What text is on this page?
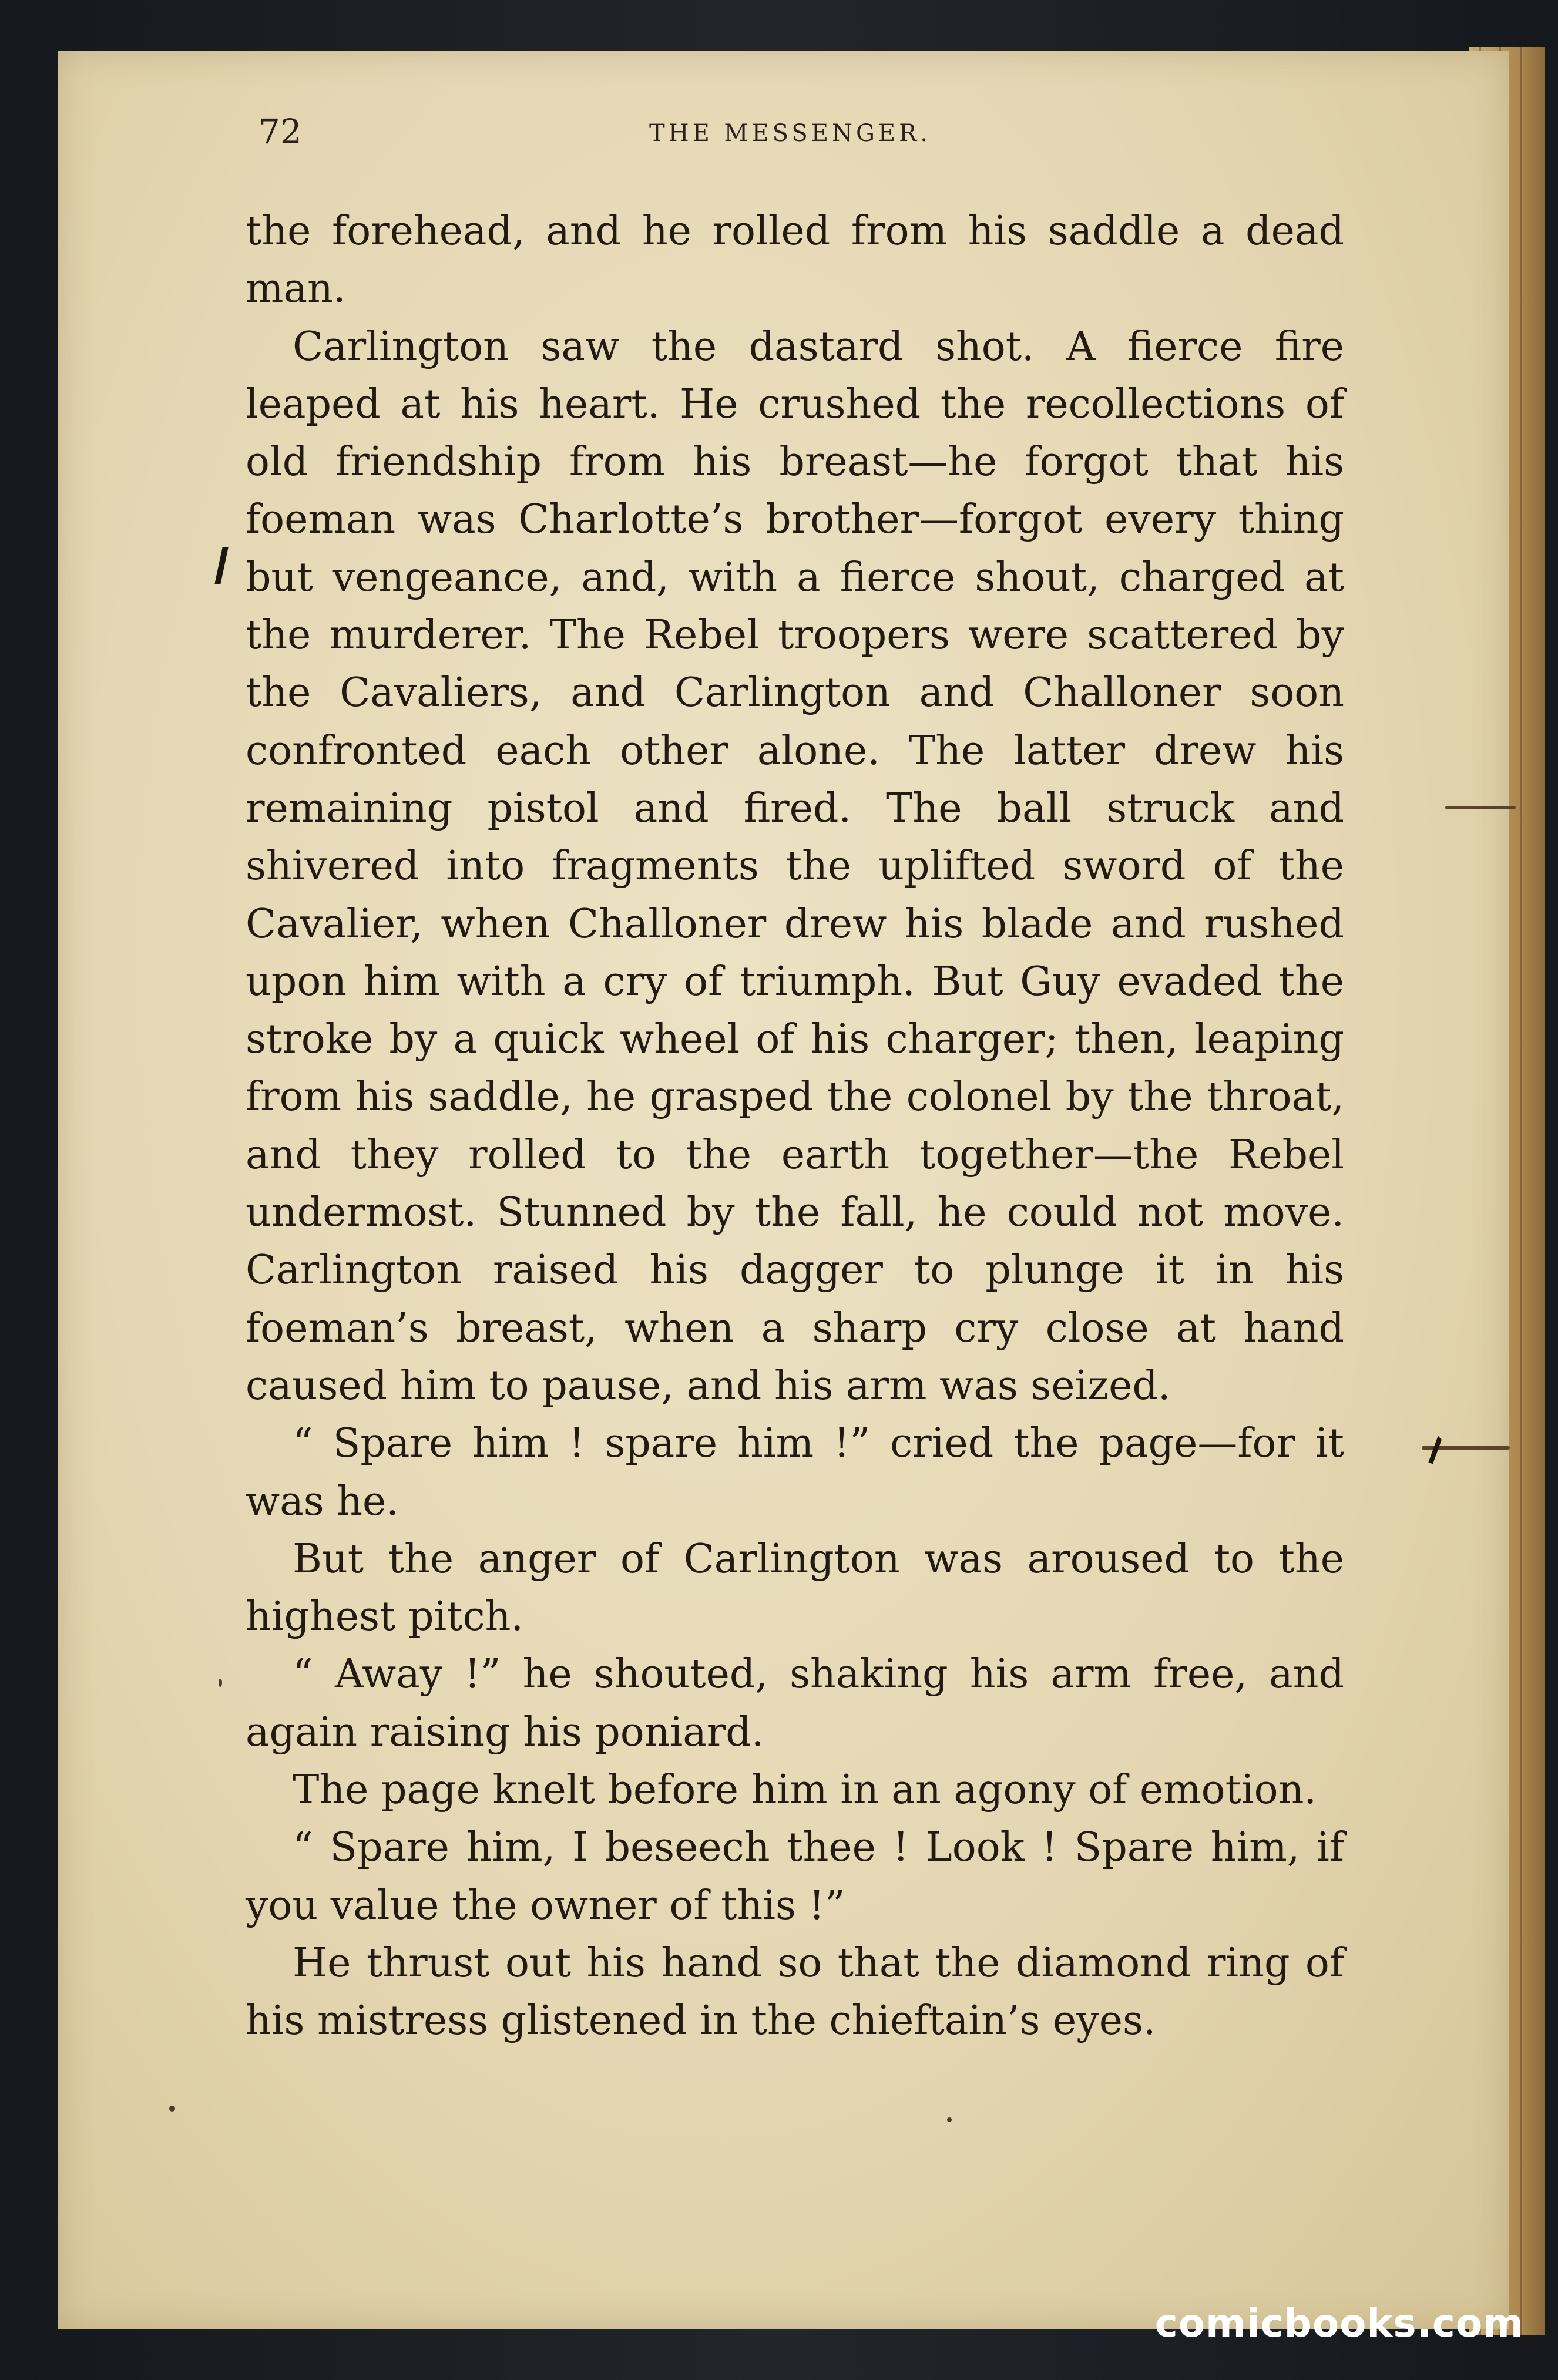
72	THE MESSENGER.

the forehead, and he rolled from his saddle a dead man.

Carlington saw the dastard shot. A fierce fire leaped at his heart. He crushed the recollections of old friendship from his breast—he forgot that his foeman was Charlotte’s brother—forgot every thing but vengeance, and, with a fierce shout, charged at the murderer. The Rebel troopers were scattered by the Cavaliers, and Carlington and Challoner soon confronted each other alone. The latter drew his remaining pistol and fired. The ball struck and shivered into fragments the uplifted sword of the Cavalier, when Challoner drew his blade and rushed upon him with a cry of triumph. But Guy evaded the stroke by a quick wheel of his charger; then, leaping from his saddle, he grasped the colonel by the throat, and they rolled to the earth together—the Rebel undermost. Stunned by the fall, he could not move. Carlington raised his dagger to plunge it in his foeman’s breast, when a sharp cry close at hand caused him to pause, and his arm was seized.

“ Spare him ! spare him !” cried the page—for it was he.

But the anger of Carlington was aroused to the highest pitch.

“ Away !” he shouted, shaking his arm free, and again raising his poniard.

The page knelt before him in an agony of emotion.

“ Spare him, I beseech thee ! Look ! Spare him, if you value the owner of this !”

He thrust out his hand so that the diamond ring of his mistress glistened in the chieftain’s eyes.

comicbooks.com
